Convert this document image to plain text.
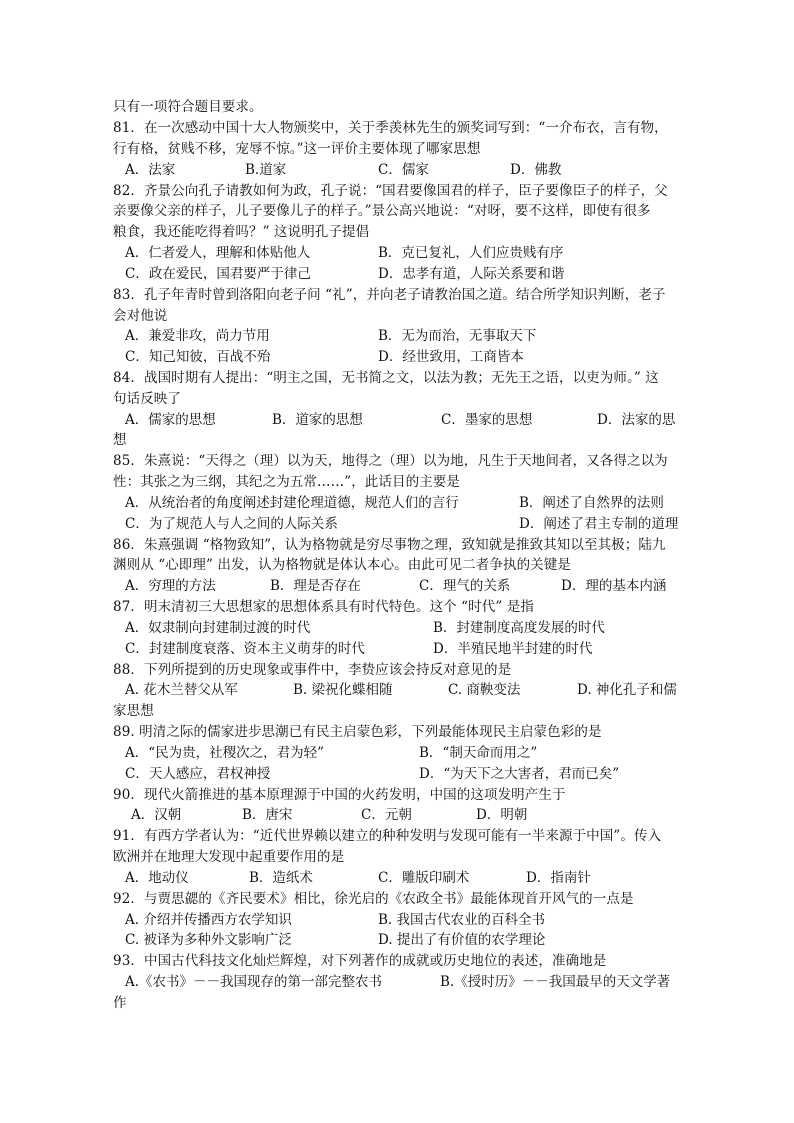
只有一项符合题目要求。
81．在一次感动中国十大人物颁奖中，关于季羡林先生的颁奖词写到：“一介布衣，言有物，
行有格，贫贱不移，宠辱不惊。”这一评价主要体现了哪家思想
A．法家	B.道家	C．儒家	D．佛教
82．齐景公向孔子请教如何为政，孔子说：“国君要像国君的样子，臣子要像臣子的样子，父
亲要像父亲的样子，儿子要像儿子的样子。”景公高兴地说：“对呀，要不这样，即使有很多
粮食，我还能吃得着吗？” 这说明孔子提倡
A．仁者爱人，理解和体贴他人	B．克已复礼，人们应贵贱有序
C．政在爱民，国君要严于律己	D．忠孝有道，人际关系要和谐
83．孔子年青时曾到洛阳向老子问 “礼”，并向老子请教治国之道。结合所学知识判断，老子
会对他说
A．兼爱非攻，尚力节用	B．无为而治，无事取天下
C．知己知彼，百战不殆	D．经世致用，工商皆本
84．战国时期有人提出：“明主之国，无书简之文，以法为教；无先王之语，以吏为师。” 这
句话反映了
A．儒家的思想	B．道家的思想	C．墨家的思想	D．法家的思
想
85．朱熹说：“天得之（理）以为天，地得之（理）以为地，凡生于天地间者，又各得之以为
性：其张之为三纲，其纪之为五常……”，此话目的主要是
A．从统治者的角度阐述封建伦理道德，规范人们的言行	B．阐述了自然界的法则
C．为了规范人与人之间的人际关系	D．阐述了君主专制的道理
86．朱熹强调 “格物致知”，认为格物就是穷尽事物之理，致知就是推致其知以至其极；陆九
渊则从 “心即理” 出发，认为格物就是体认本心。由此可见二者争执的关键是
A．穷理的方法	B．理是否存在	C．理气的关系	D．理的基本内涵
87．明末清初三大思想家的思想体系具有时代特色。这个 “时代” 是指
A．奴隶制向封建制过渡的时代	B．封建制度高度发展的时代
C．封建制度衰落、资本主义萌芽的时代	D．半殖民地半封建的时代
88．下列所提到的历史现象或事件中，李贽应该会持反对意见的是
A. 花木兰替父从军	B. 梁祝化蝶相随	C. 商鞅变法	D. 神化孔子和儒
家思想
89. 明清之际的儒家进步思潮已有民主启蒙色彩，下列最能体现民主启蒙色彩的是
A．“民为贵，社稷次之，君为轻”	B．“制天命而用之”
C．天人感应，君权神授	D．“为天下之大害者，君而已矣”
90．现代火箭推进的基本原理源于中国的火药发明，中国的这项发明产生于
A．汉朝	B．唐宋	C．元朝	D．明朝
91．有西方学者认为：“近代世界赖以建立的种种发明与发现可能有一半来源于中国”。传入
欧洲并在地理大发现中起重要作用的是
A．地动仪	B．造纸术	C．雕版印刷术	D．指南针
92．与贾思勰的《齐民要术》相比，徐光启的《农政全书》最能体现首开风气的一点是
A. 介绍并传播西方农学知识	B. 我国古代农业的百科全书
C. 被译为多种外文影响广泛	D. 提出了有价值的农学理论
93．中国古代科技文化灿烂辉煌，对下列著作的成就或历史地位的表述，准确地是
A.《农书》－－我国现存的第一部完整农书	B.《授时历》－－我国最早的天文学著
作
